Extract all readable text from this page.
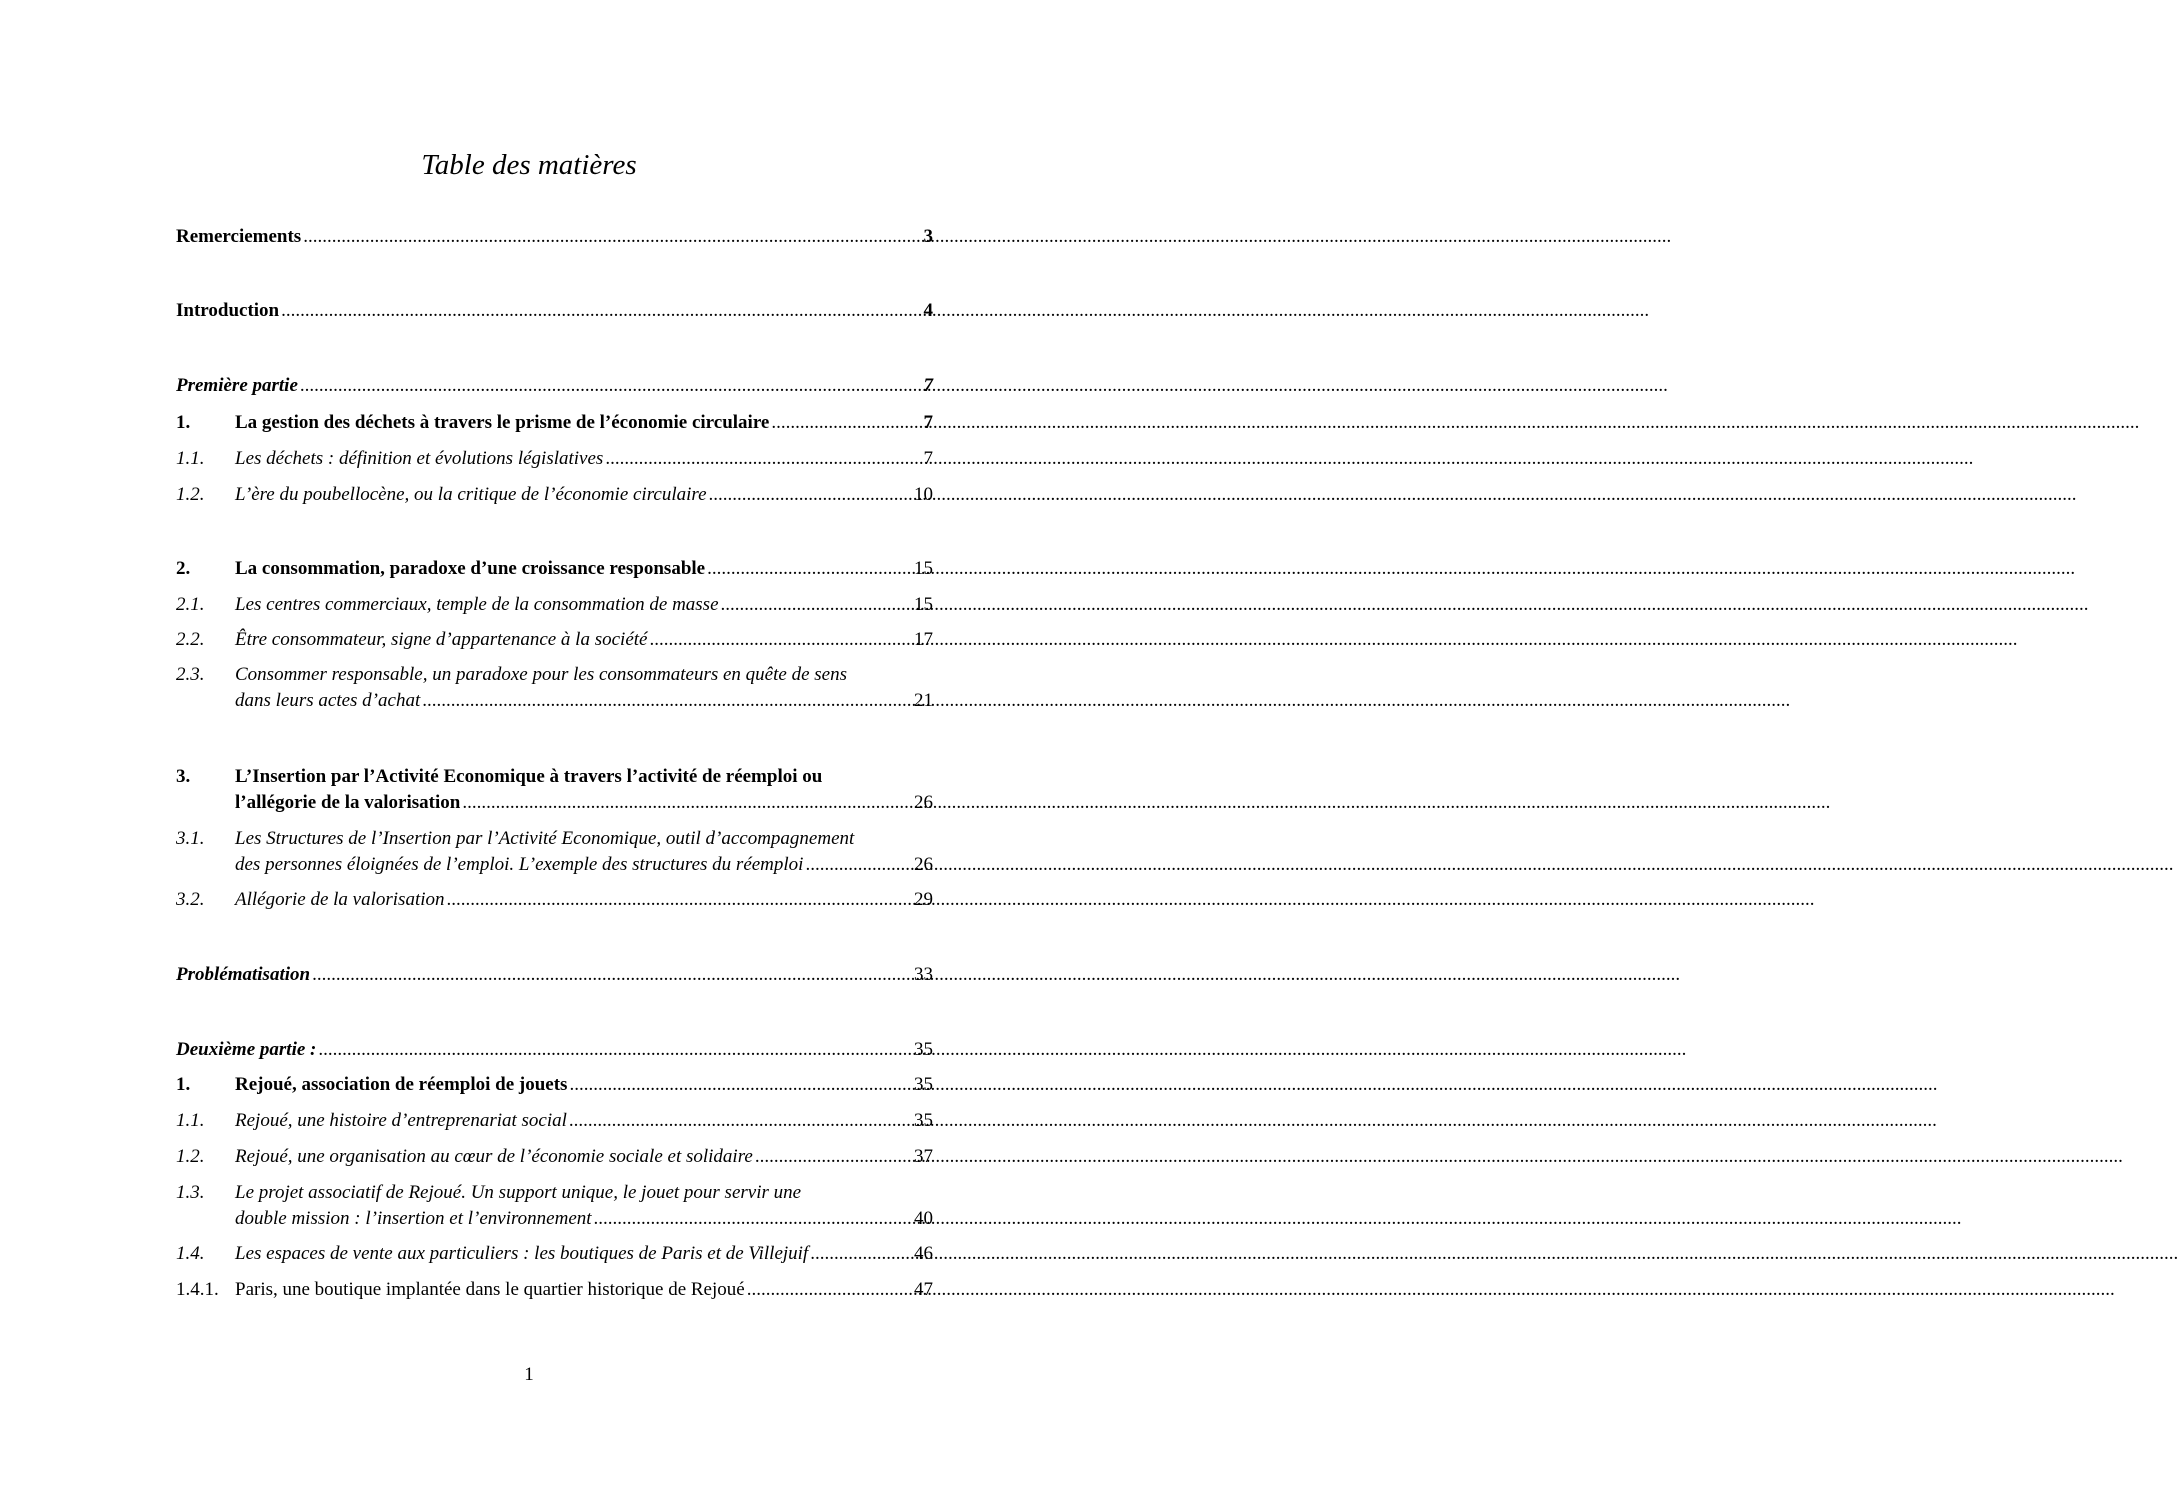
Table des matières
Remerciements .....	3
Introduction .....	4
Première partie .....	7
1.	La gestion des déchets à travers le prisme de l’économie circulaire .....	7
1.1.	Les déchets : définition et évolutions législatives .....	7
1.2.	L’ère du poubellocène, ou la critique de l’économie circulaire .....	10
2.	La consommation, paradoxe d’une croissance responsable .....	15
2.1.	Les centres commerciaux, temple de la consommation de masse .....	15
2.2.	Être consommateur, signe d’appartenance à la société .....	17
2.3.	Consommer responsable, un paradoxe pour les consommateurs en quête de sens
dans leurs actes d’achat .....	21
3.	L’Insertion par l’Activité Economique à travers l’activité de réemploi ou
l’allégorie de la valorisation .....	26
3.1.	Les Structures de l’Insertion par l’Activité Economique, outil d’accompagnement
des personnes éloignées de l’emploi. L’exemple des structures du réemploi .....	26
3.2.	Allégorie de la valorisation .....	29
Problématisation .....	33
Deuxième partie : .....	35
1.	Rejoué, association de réemploi de jouets .....	35
1.1.	Rejoué, une histoire d’entreprenariat social .....	35
1.2.	Rejoué, une organisation au cœur de l’économie sociale et solidaire .....	37
1.3.	Le projet associatif de Rejoué. Un support unique, le jouet pour servir une
double mission : l’insertion et l’environnement .....	40
1.4.	Les espaces de vente aux particuliers : les boutiques de Paris et de Villejuif .....	46
1.4.1. Paris, une boutique implantée dans le quartier historique de Rejoué .....	47
1
